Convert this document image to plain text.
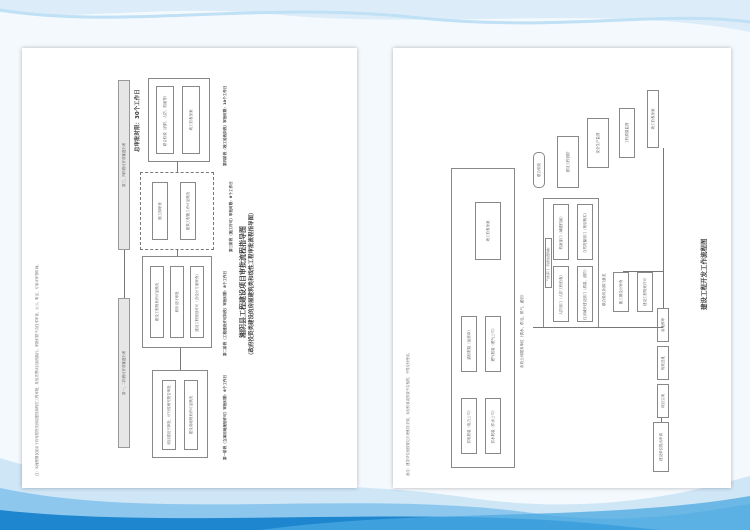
湘阴县工程建设项目审批流程指导图 （政府投资类建设的房屋建筑类和线性工程审批流程指导图）
第一阶段（立项用地规划许可）审批时限：6个工作日
第二阶段（工程建设许可阶段）审批时限：8个工作日
第三阶段（施工许可）审批时限：6个工作日
第四阶段（竣工验收阶段）审批时限：10个工作日
项目建议书审批、可行性研究报告审批	建设用地规划许可证核发
建设工程规划许可证核发	初步设计审批	建设工程规划许可（含设计方案审查）
施工图审查	建筑工程施工许可证核发
联合验收（消防、人防、档案等）	竣工验收备案
总审批时限：30个工作日
第一、二阶段可并联推进办理
第三、四阶段可并联推进办理
注：本流程图仅适用于政府投资类房屋建筑和线性工程审批，其他类型项目参照执行。审批时限不含技术审查、公示、听证、专家评审等时间。	建设工程开发工作流程图
建设单位提出申请
项目立项
规划选址
用地预审
建设工程规划许可
施工图设计审查
竣工验收备案
工程质量监督
安全生产监督
建设工程消防
联合验收
联合验收各部门意见
住房城乡建设部门（质量、消防）
自然资源部门（规划核实）
人防部门（人防工程验收）
档案部门（城建档案）
气象部门（防雷装置验收）
市政公用服务单位（供水、供电、供气、通信）
供水报装（供水公司）
供电报装（电力公司）
燃气报装（燃气公司）
通信报装（运营商）
竣工验收备案
备注：建设单位应按规定办理相关手续，未经验收或验收不合格的，不得交付使用。
